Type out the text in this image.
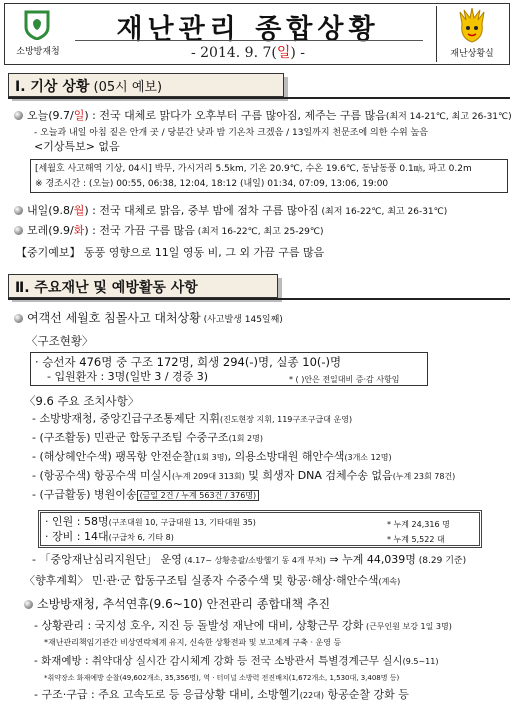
소방방재청
재난관리 종합상황
- 2014. 9. 7(일) -	재난상황실
Ⅰ. 기상 상황 (05시 예보)
오늘(9.7/일) : 전국 대체로 맑다가 오후부터 구름 많아짐, 제주는 구름 많음(최저 14-21℃, 최고 26-31℃)
- 오늘과 내일 아침 짙은 안개 곳 / 당분간 낮과 밤 기온차 크겠음 / 13일까지 천문조에 의한 수위 높음
<기상특보> 없음
[세월호 사고해역 기상, 04시] 박무, 가시거리 5.5km, 기온 20.9℃, 수온 19.6℃, 동남동풍 0.1㎧, 파고 0.2m
※ 경조시간 : (오늘) 00:55, 06:38, 12:04, 18:12 (내일) 01:34, 07:09, 13:06, 19:00
내일(9.8/월) : 전국 대체로 맑음, 중부 밤에 점차 구름 많아짐 (최저 16-22℃, 최고 26-31℃)
모레(9.9/화) : 전국 가끔 구름 많음 (최저 16-22℃, 최고 25-29℃)
【중기예보】 동풍 영향으로 11일 영동 비, 그 외 가끔 구름 많음
Ⅱ. 주요재난 및 예방활동 사항
여객선 세월호 침몰사고 대처상황 (사고발생 145일째)
〈구조현황〉
· 승선자 476명 중 구조 172명, 희생 294(-)명, 실종 10(-)명
- 입원환자 : 3명(일반 3 / 경증 3)	* ( )안은 전일대비 증·감 사항임
〈9.6 주요 조치사항〉
- 소방방재청, 중앙긴급구조통제단 지휘(진도현장 지휘, 119구조구급대 운영)
- (구조활동) 민관군 합동구조팀 수중구조(1회 2명)
- (해상헤안수색) 팽목항 안전순찰(1회 3명), 의용소방대원 해안수색(3개소 12명)
- (항공수색) 항공수색 미실시(누계 209대 313회) 및 희생자 DNA 검체수송 없음(누계 23회 78건)
- (구급활동) 병원이송 (금일 2건 / 누계 563건 / 376명)
· 인원 : 58명(구조대원 10, 구급대원 13, 기타대원 35)	* 누계 24,316 명
· 장비 : 14대(구급차 6, 기타 8)	* 누계 5,522 대
- 「중앙재난심리지원단」 운영 (4.17~ 상황총괄/소방헬기 동 4개 부처) ⇒ 누계 44,039명 (8.29 기준)
〈향후계획〉 민·관·군 합동구조팀 실종자 수중수색 및 항공·해상·해안수색(계속)
소방방재청, 추석연휴(9.6~10) 안전관리 종합대책 추진
- 상황관리 : 국지성 호우, 지진 등 돌발성 재난에 대비, 상황근무 강화 (근무인원 보강 1일 3명)
*재난관리책임기관간 비상연락체계 유지, 신속한 상황전파 및 보고체계 구축 · 운영 등
- 화재예방 : 취약대상 실시간 감시체계 강화 등 전국 소방관서 특별경계근무 실시(9.5~11)
*취약장소 화재예방 순찰(49,602개소, 35,356명), 역 · 터미널 소방력 전진배치(1,672개소, 1,530대, 3,408명 등)
- 구조·구급 : 주요 고속도로 등 응급상황 대비, 소방헬기(22대) 항공순찰 강화 등
